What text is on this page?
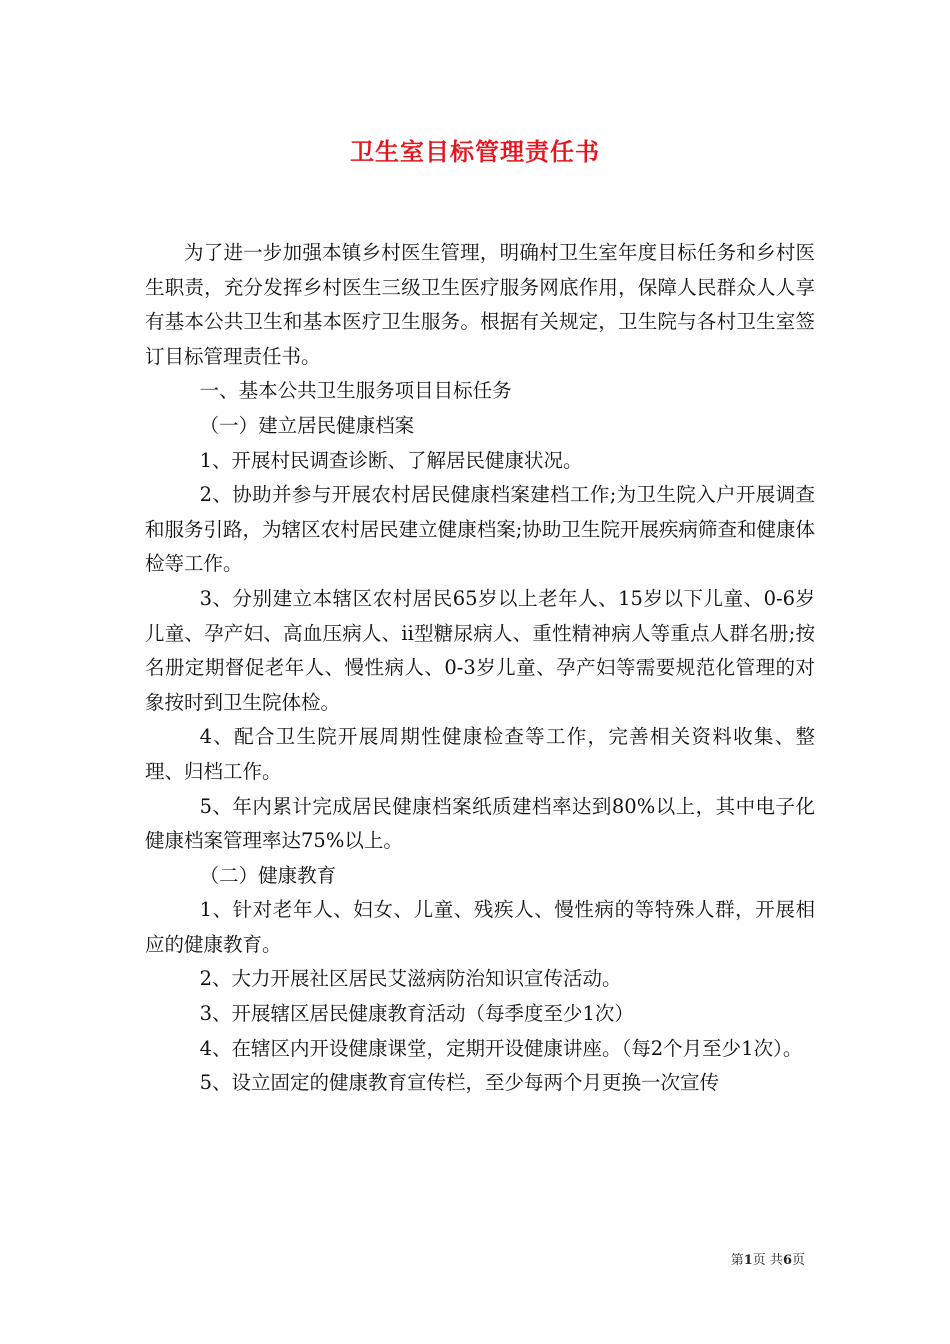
卫生室目标管理责任书

为了进一步加强本镇乡村医生管理，明确村卫生室年度目标任务和乡村医生职责，充分发挥乡村医生三级卫生医疗服务网底作用，保障人民群众人人享有基本公共卫生和基本医疗卫生服务。根据有关规定，卫生院与各村卫生室签订目标管理责任书。

一、基本公共卫生服务项目目标任务

（一）建立居民健康档案

1、开展村民调查诊断、了解居民健康状况。

2、协助并参与开展农村居民健康档案建档工作;为卫生院入户开展调查和服务引路，为辖区农村居民建立健康档案;协助卫生院开展疾病筛查和健康体检等工作。

3、分别建立本辖区农村居民65岁以上老年人、15岁以下儿童、0-6岁儿童、孕产妇、高血压病人、ii型糖尿病人、重性精神病人等重点人群名册;按名册定期督促老年人、慢性病人、0-3岁儿童、孕产妇等需要规范化管理的对象按时到卫生院体检。

4、配合卫生院开展周期性健康检查等工作，完善相关资料收集、整理、归档工作。

5、年内累计完成居民健康档案纸质建档率达到80%以上，其中电子化健康档案管理率达75%以上。

（二）健康教育

1、针对老年人、妇女、儿童、残疾人、慢性病的等特殊人群，开展相应的健康教育。

2、大力开展社区居民艾滋病防治知识宣传活动。

3、开展辖区居民健康教育活动（每季度至少1次）

4、在辖区内开设健康课堂，定期开设健康讲座。（每2个月至少1次）。

5、设立固定的健康教育宣传栏，至少每两个月更换一次宣传

第1页 共6页
